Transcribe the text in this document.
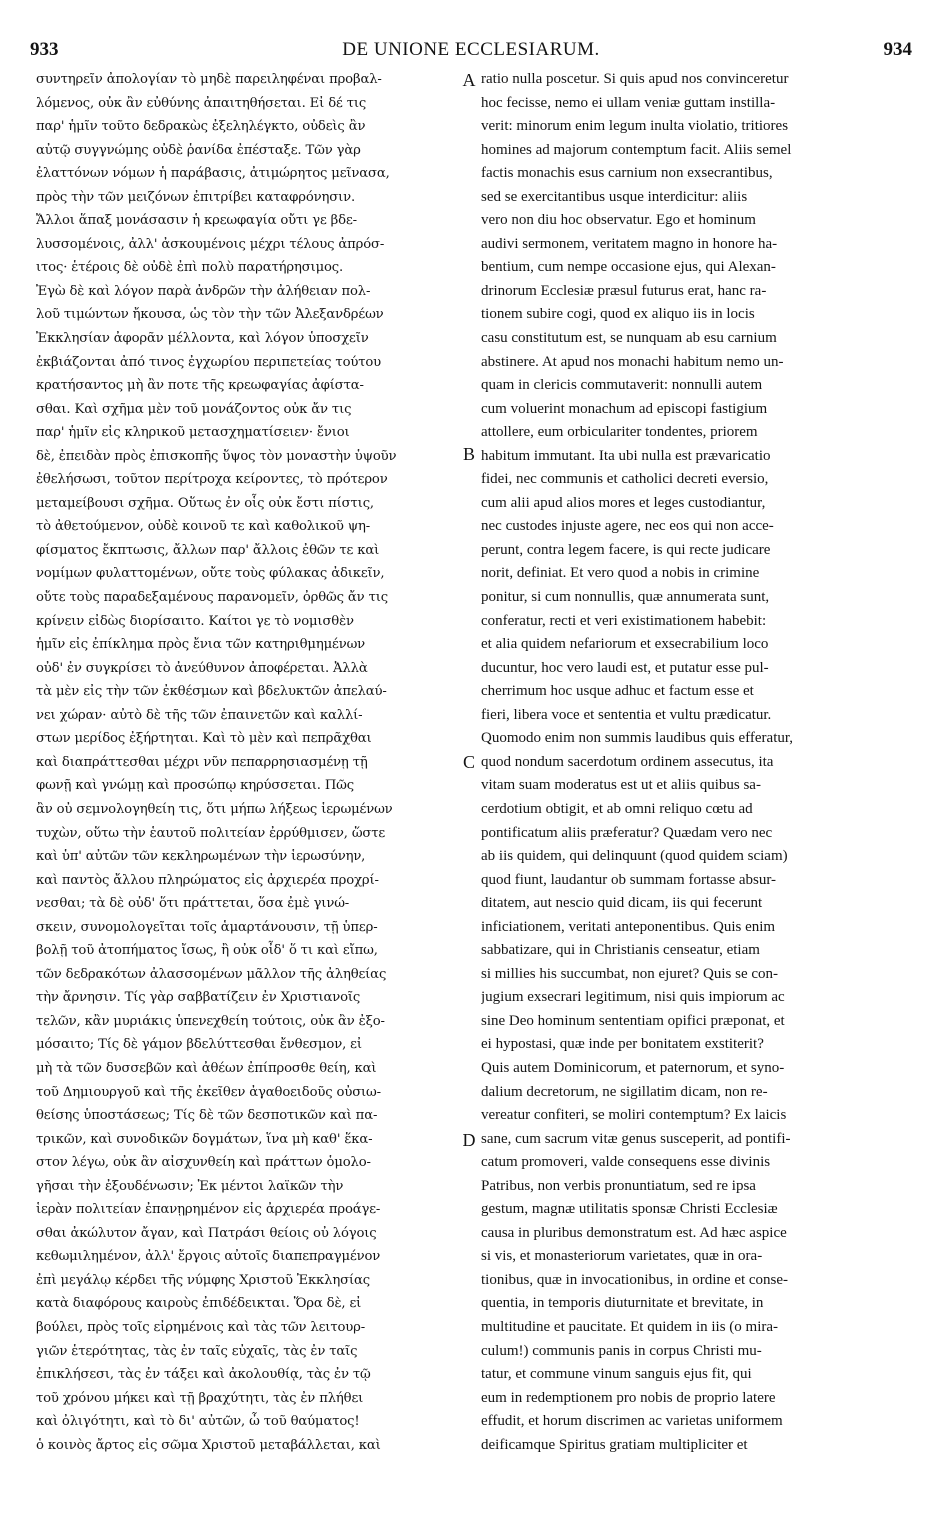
933	DE UNIONE ECCLESIARUM.	934
συντηρεῖν ἀπολογίαν τὸ μηδὲ παρειληφέναι προβαλ-
λόμενος, οὐκ ἂν εὐθύνης ἀπαιτηθήσεται. Εἰ δέ τις
παρ' ἡμῖν τοῦτο δεδρακὼς ἐξεληλέγκτο, οὐδεὶς ἂν
αὐτῷ συγγνώμης οὐδὲ ῥανίδα ἐπέσταξε. Τῶν γὰρ
ἐλαττόνων νόμων ἡ παράβασις, ἀτιμώρητος μεῖνασα,
πρὸς τὴν τῶν μειζόνων ἐπιτρίβει καταφρόνησιν.
Ἄλλοι ἅπαξ μονάσασιν ἡ κρεωφαγία οὔτι γε βδε-
λυσσομένοις, ἀλλ' ἀσκουμένοις μέχρι τέλους ἀπρόσ-
ιτος· ἑτέροις δὲ οὐδὲ ἐπὶ πολὺ παρατήρησιμος.
Ἐγὼ δὲ καὶ λόγον παρὰ ἀνδρῶν τὴν ἀλήθειαν πολ-
λοῦ τιμώντων ἤκουσα, ὡς τὸν τὴν τῶν Ἀλεξανδρέων
Ἐκκλησίαν ἀφορᾶν μέλλοντα, καὶ λόγον ὑποσχεῖν
ἐκβιάζονται ἀπό τινος ἐγχωρίου περιπετείας τούτου
κρατήσαντος μὴ ἂν ποτε τῆς κρεωφαγίας ἀφίστα-
σθαι. Καὶ σχῆμα μὲν τοῦ μονάζοντος οὐκ ἄν τις
παρ' ἡμῖν εἰς κληρικοῦ μετασχηματίσειεν· ἔνιοι
δὲ, ἐπειδὰν πρὸς ἐπισκοπῆς ὕψος τὸν μοναστὴν ὑψοῦν
ἐθελήσωσι, τοῦτον περίτροχα κείροντες, τὸ πρότερον
μεταμείβουσι σχῆμα. Οὕτως ἐν οἷς οὐκ ἔστι πίστις,
τὸ ἀθετούμενον, οὐδὲ κοινοῦ τε καὶ καθολικοῦ ψη-
φίσματος ἔκπτωσις, ἄλλων παρ' ἄλλοις ἐθῶν τε καὶ
νομίμων φυλαττομένων, οὔτε τοὺς φύλακας ἀδικεῖν,
οὔτε τοὺς παραδεξαμένους παρανομεῖν, ὀρθῶς ἄν τις
κρίνειν εἰδὼς διορίσαιτο. Καίτοι γε τὸ νομισθὲν
ἡμῖν εἰς ἐπίκλημα πρὸς ἔνια τῶν κατηριθμημένων
οὐδ' ἐν συγκρίσει τὸ ἀνεύθυνον ἀποφέρεται. Ἀλλὰ
τὰ μὲν εἰς τὴν τῶν ἐκθέσμων καὶ βδελυκτῶν ἀπελαύ-
νει χώραν· αὐτὸ δὲ τῆς τῶν ἐπαινετῶν καὶ καλλί-
στων μερίδος ἐξήρτηται. Καὶ τὸ μὲν καὶ πεπρᾶχθαι
καὶ διαπράττεσθαι μέχρι νῦν πεπαρρησιασμένῃ τῇ
φωνῇ καὶ γνώμῃ καὶ προσώπῳ κηρύσσεται. Πῶς
ἂν οὐ σεμνολογηθείη τις, ὅτι μήπω λήξεως ἱερωμένων
τυχὼν, οὕτω τὴν ἑαυτοῦ πολιτείαν ἐρρύθμισεν, ὥστε
καὶ ὑπ' αὐτῶν τῶν κεκληρωμένων τὴν ἱερωσύνην,
καὶ παντὸς ἄλλου πληρώματος εἰς ἀρχιερέα προχρί-
νεσθαι; τὰ δὲ οὐδ' ὅτι πράττεται, ὅσα ἐμὲ γινώ-
σκειν, συνομολογεῖται τοῖς ἁμαρτάνουσιν, τῇ ὑπερ-
βολῇ τοῦ ἀτοπήματος ἴσως, ἢ οὐκ οἶδ' ὅ τι καὶ εἴπω,
τῶν δεδρακότων ἀλασσομένων μᾶλλον τῆς ἀληθείας
τὴν ἄρνησιν. Τίς γὰρ σαββατίζειν ἐν Χριστιανοῖς
τελῶν, κἂν μυριάκις ὑπενεχθείη τούτοις, οὐκ ἂν ἐξο-
μόσαιτο; Τίς δὲ γάμον βδελύττεσθαι ἔνθεσμον, εἰ
μὴ τὰ τῶν δυσσεβῶν καὶ ἀθέων ἐπίπροσθε θείη, καὶ
τοῦ Δημιουργοῦ καὶ τῆς ἐκεῖθεν ἀγαθοειδοῦς οὐσιω-
θείσης ὑποστάσεως; Τίς δὲ τῶν δεσποτικῶν καὶ πα-
τρικῶν, καὶ συνοδικῶν δογμάτων, ἵνα μὴ καθ' ἕκα-
στον λέγω, οὐκ ἂν αἰσχυνθείη καὶ πράττων ὁμολο-
γῆσαι τὴν ἐξουδένωσιν; Ἐκ μέντοι λαϊκῶν τὴν
ἱερὰν πολιτείαν ἐπανῃρημένον εἰς ἀρχιερέα προάγε-
σθαι ἀκώλυτον ἄγαν, καὶ Πατράσι θείοις οὐ λόγοις
κεθωμιλημένον, ἀλλ' ἔργοις αὐτοῖς διαπεπραγμένον
ἐπὶ μεγάλῳ κέρδει τῆς νύμφης Χριστοῦ Ἐκκλησίας
κατὰ διαφόρους καιροὺς ἐπιδέδεικται. Ὅρα δὲ, εἰ
βούλει, πρὸς τοῖς εἰρημένοις καὶ τὰς τῶν λειτουρ-
γιῶν ἑτερότητας, τὰς ἐν ταῖς εὐχαῖς, τὰς ἐν ταῖς
ἐπικλήσεσι, τὰς ἐν τάξει καὶ ἀκολουθίᾳ, τὰς ἐν τῷ
τοῦ χρόνου μήκει καὶ τῇ βραχύτητι, τὰς ἐν πλήθει
καὶ ὀλιγότητι, καὶ τὸ δι' αὐτῶν, ὦ τοῦ θαύματος!
ὁ κοινὸς ἄρτος εἰς σῶμα Χριστοῦ μεταβάλλεται, καὶ
ratio nulla poscetur. Si quis apud nos convinceretur
hoc fecisse, nemo ei ullam veniæ guttam instilla-
verit: minorum enim legum inulta violatio, tritiores
homines ad majorum contemptum facit. Aliis semel
factis monachis esus carnium non exsecrantibus,
sed se exercitantibus usque interdicitur: aliis
vero non diu hoc observatur. Ego et hominum
audivi sermonem, veritatem magno in honore ha-
bentium, cum nempe occasione ejus, qui Alexan-
drinorum Ecclesiæ præsul futurus erat, hanc ra-
tionem subire cogi, quod ex aliquo iis in locis
casu constitutum est, se nunquam ab esu carnium
abstinere. At apud nos monachi habitum nemo un-
quam in clericis commutaverit: nonnulli autem
cum voluerint monachum ad episcopi fastigium
attollere, eum orbiculariter tondentes, priorem
habitum immutant. Ita ubi nulla est prævaricatio
fidei, nec communis et catholici decreti eversio,
cum alii apud alios mores et leges custodiantur,
nec custodes injuste agere, nec eos qui non acce-
perunt, contra legem facere, is qui recte judicare
norit, definiat. Et vero quod a nobis in crimine
ponitur, si cum nonnullis, quæ annumerata sunt,
conferatur, recti et veri existimationem habebit:
et alia quidem nefariorum et exsecrabilium loco
ducuntur, hoc vero laudi est, et putatur esse pul-
cherrimum hoc usque adhuc et factum esse et
fieri, libera voce et sententia et vultu prædicatur.
Quomodo enim non summis laudibus quis efferatur,
quod nondum sacerdotum ordinem assecutus, ita
vitam suam moderatus est ut et aliis quibus sa-
cerdotium obtigit, et ab omni reliquo cœtu ad
pontificatum aliis præferatur? Quædam vero nec
ab iis quidem, qui delinquunt (quod quidem sciam)
quod fiunt, laudantur ob summam fortasse absur-
ditatem, aut nescio quid dicam, iis qui fecerunt
inficiationem, veritati anteponentibus. Quis enim
sabbatizare, qui in Christianis censeatur, etiam
si millies his succumbat, non ejuret? Quis se con-
jugium exsecrari legitimum, nisi quis impiorum ac
sine Deo hominum sententiam opifici præponat, et
ei hypostasi, quæ inde per bonitatem exstiterit?
Quis autem Dominicorum, et paternorum, et syno-
dalium decretorum, ne sigillatim dicam, non re-
vereatur confiteri, se moliri contemptum? Ex laicis
sane, cum sacrum vitæ genus susceperit, ad pontifi-
catum promoveri, valde consequens esse divinis
Patribus, non verbis pronuntiatum, sed re ipsa
gestum, magnæ utilitatis sponsæ Christi Ecclesiæ
causa in pluribus demonstratum est. Ad hæc aspice
si vis, et monasteriorum varietates, quæ in ora-
tionibus, quæ in invocationibus, in ordine et conse-
quentia, in temporis diuturnitate et brevitate, in
multitudine et paucitate. Et quidem in iis (o mira-
culum!) communis panis in corpus Christi mu-
tatur, et commune vinum sanguis ejus fit, qui
eum in redemptionem pro nobis de proprio latere
effudit, et horum discrimen ac varietas uniformem
deificamque Spiritus gratiam multipliciter et
A
B
C
D
